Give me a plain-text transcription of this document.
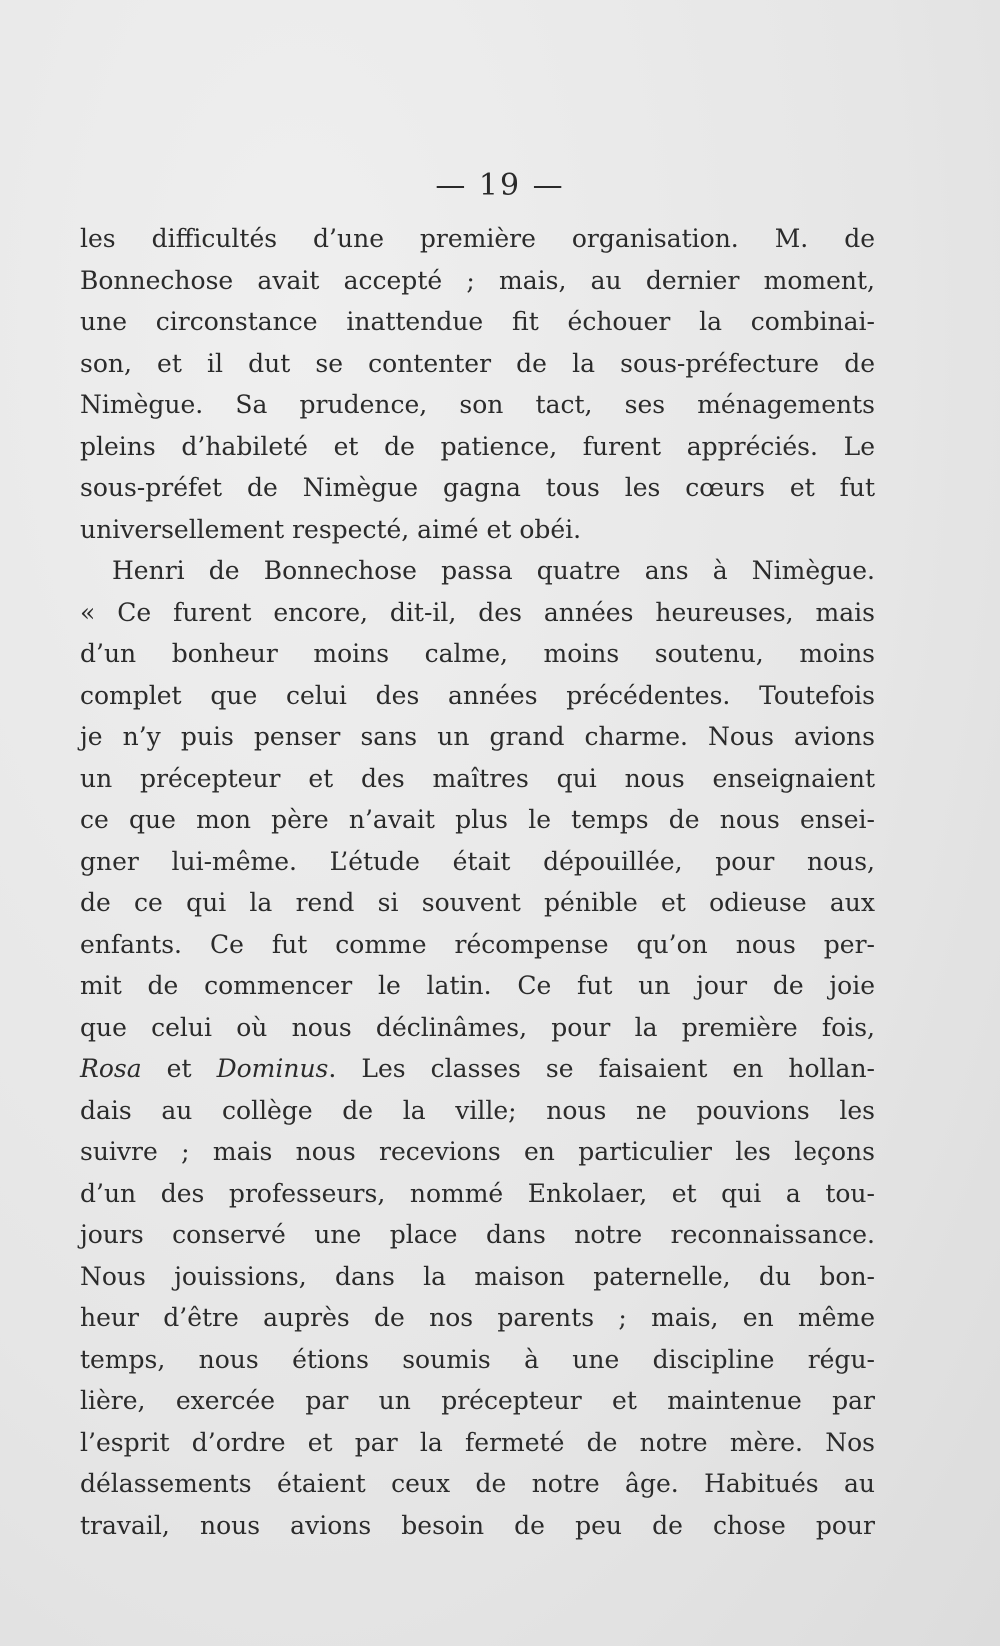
— 19 —
les difficultés d’une première organisation. M. de
Bonnechose avait accepté ; mais, au dernier moment,
une circonstance inattendue fit échouer la combinai-
son, et il dut se contenter de la sous-préfecture de
Nimègue. Sa prudence, son tact, ses ménagements
pleins d’habileté et de patience, furent appréciés. Le
sous-préfet de Nimègue gagna tous les cœurs et fut
universellement respecté, aimé et obéi.
Henri de Bonnechose passa quatre ans à Nimègue.
« Ce furent encore, dit-il, des années heureuses, mais
d’un bonheur moins calme, moins soutenu, moins
complet que celui des années précédentes. Toutefois
je n’y puis penser sans un grand charme. Nous avions
un précepteur et des maîtres qui nous enseignaient
ce que mon père n’avait plus le temps de nous ensei-
gner lui-même. L’étude était dépouillée, pour nous,
de ce qui la rend si souvent pénible et odieuse aux
enfants. Ce fut comme récompense qu’on nous per-
mit de commencer le latin. Ce fut un jour de joie
que celui où nous déclinâmes, pour la première fois,
Rosa et Dominus. Les classes se faisaient en hollan-
dais au collège de la ville; nous ne pouvions les
suivre ; mais nous recevions en particulier les leçons
d’un des professeurs, nommé Enkolaer, et qui a tou-
jours conservé une place dans notre reconnaissance.
Nous jouissions, dans la maison paternelle, du bon-
heur d’être auprès de nos parents ; mais, en même
temps, nous étions soumis à une discipline régu-
lière, exercée par un précepteur et maintenue par
l’esprit d’ordre et par la fermeté de notre mère. Nos
délassements étaient ceux de notre âge. Habitués au
travail, nous avions besoin de peu de chose pour
